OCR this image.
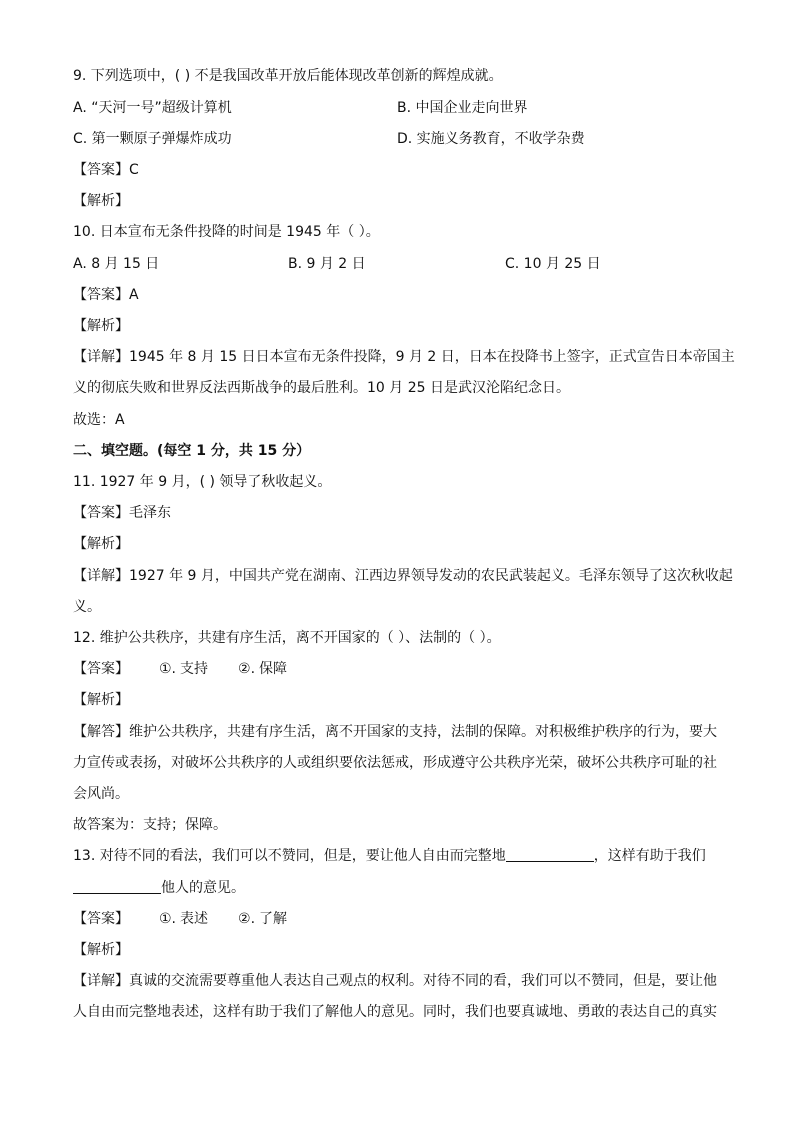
9. 下列选项中，( ) 不是我国改革开放后能体现改革创新的辉煌成就。
A. “天河一号”超级计算机	B. 中国企业走向世界
C. 第一颗原子弹爆炸成功	D. 实施义务教育，不收学杂费
【答案】C
【解析】
10. 日本宣布无条件投降的时间是 1945 年（ ）。
A. 8 月 15 日	B. 9 月 2 日	C. 10 月 25 日
【答案】A
【解析】
【详解】1945 年 8 月 15 日日本宣布无条件投降，9 月 2 日，日本在投降书上签字，正式宣告日本帝国主
义的彻底失败和世界反法西斯战争的最后胜利。10 月 25 日是武汉沦陷纪念日。
故选：A
二、填空题。(每空 1 分，共 15 分）
11. 1927 年 9 月，( ) 领导了秋收起义。
【答案】毛泽东
【解析】
【详解】1927 年 9 月，中国共产党在湖南、江西边界领导发动的农民武装起义。毛泽东领导了这次秋收起
义。
12. 维护公共秩序，共建有序生活，离不开国家的（ ）、法制的（ ）。
【答案】 ①. 支持 ②. 保障
【解析】
【解答】维护公共秩序，共建有序生活，离不开国家的支持，法制的保障。对积极维护秩序的行为，要大
力宣传或表扬，对破坏公共秩序的人或组织要依法惩戒，形成遵守公共秩序光荣，破坏公共秩序可耻的社
会风尚。
故答案为：支持；保障。
13. 对待不同的看法，我们可以不赞同，但是，要让他人自由而完整地	，这样有助于我们
他人的意见。
【答案】 ①. 表述 ②. 了解
【解析】
【详解】真诚的交流需要尊重他人表达自己观点的权利。对待不同的看，我们可以不赞同，但是，要让他
人自由而完整地表述，这样有助于我们了解他人的意见。同时，我们也要真诚地、勇敢的表达自己的真实
